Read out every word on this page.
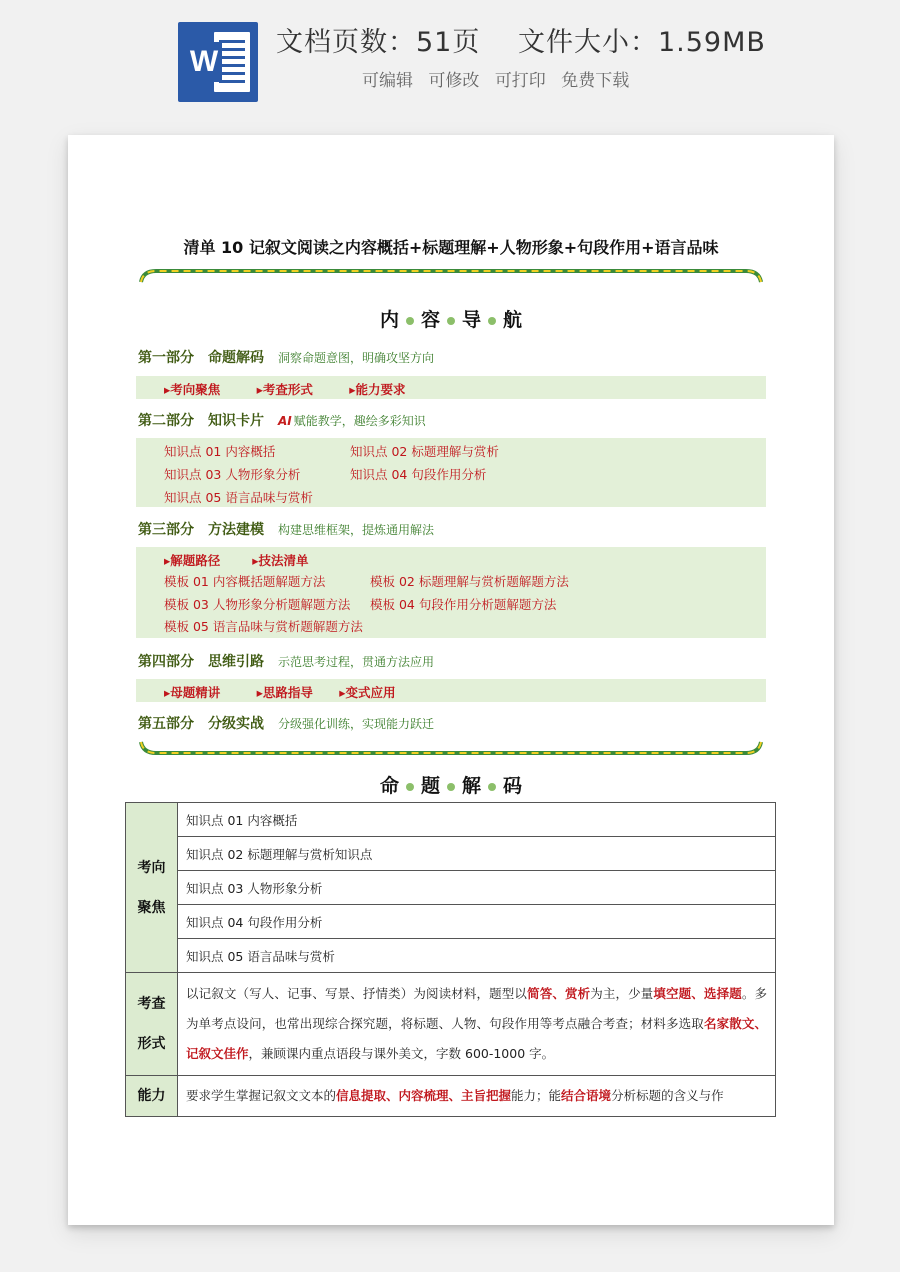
W
文档页数：51页 文件大小：1.59MB
可编辑 可修改 可打印 免费下载
清单 10 记叙文阅读之内容概括+标题理解+人物形象+句段作用+语言品味
内 容 导 航
第一部分 命题解码 洞察命题意图，明确攻坚方向
▸考向聚焦	▸考查形式	▸能力要求
第二部分 知识卡片 AI 赋能教学，趣绘多彩知识
知识点 01 内容概括	知识点 02 标题理解与赏析
知识点 03 人物形象分析	知识点 04 句段作用分析
知识点 05 语言品味与赏析
第三部分 方法建模 构建思维框架，提炼通用解法
▸解题路径	▸技法清单
模板 01 内容概括题解题方法	模板 02 标题理解与赏析题解题方法
模板 03 人物形象分析题解题方法 模板 04 句段作用分析题解题方法
模板 05 语言品味与赏析题解题方法
第四部分 思维引路 示范思考过程，贯通方法应用
▸母题精讲	▸思路指导 ▸变式应用
第五部分 分级实战 分级强化训练，实现能力跃迁
命 题 解 码
考向
聚焦	知识点 01 内容概括
	知识点 02 标题理解与赏析知识点
	知识点 03 人物形象分析
	知识点 04 句段作用分析
	知识点 05 语言品味与赏析
考查
形式	以记叙文（写人、记事、写景、抒情类）为阅读材料，题型以简答、赏析为主，少量填空题、选择题。多为单考点设问，也常出现综合探究题，将标题、人物、句段作用等考点融合考查；材料多选取名家散文、记叙文佳作，兼顾课内重点语段与课外美文，字数 600-1000 字。
能力	要求学生掌握记叙文文本的信息提取、内容梳理、主旨把握能力；能结合语境分析标题的含义与作
